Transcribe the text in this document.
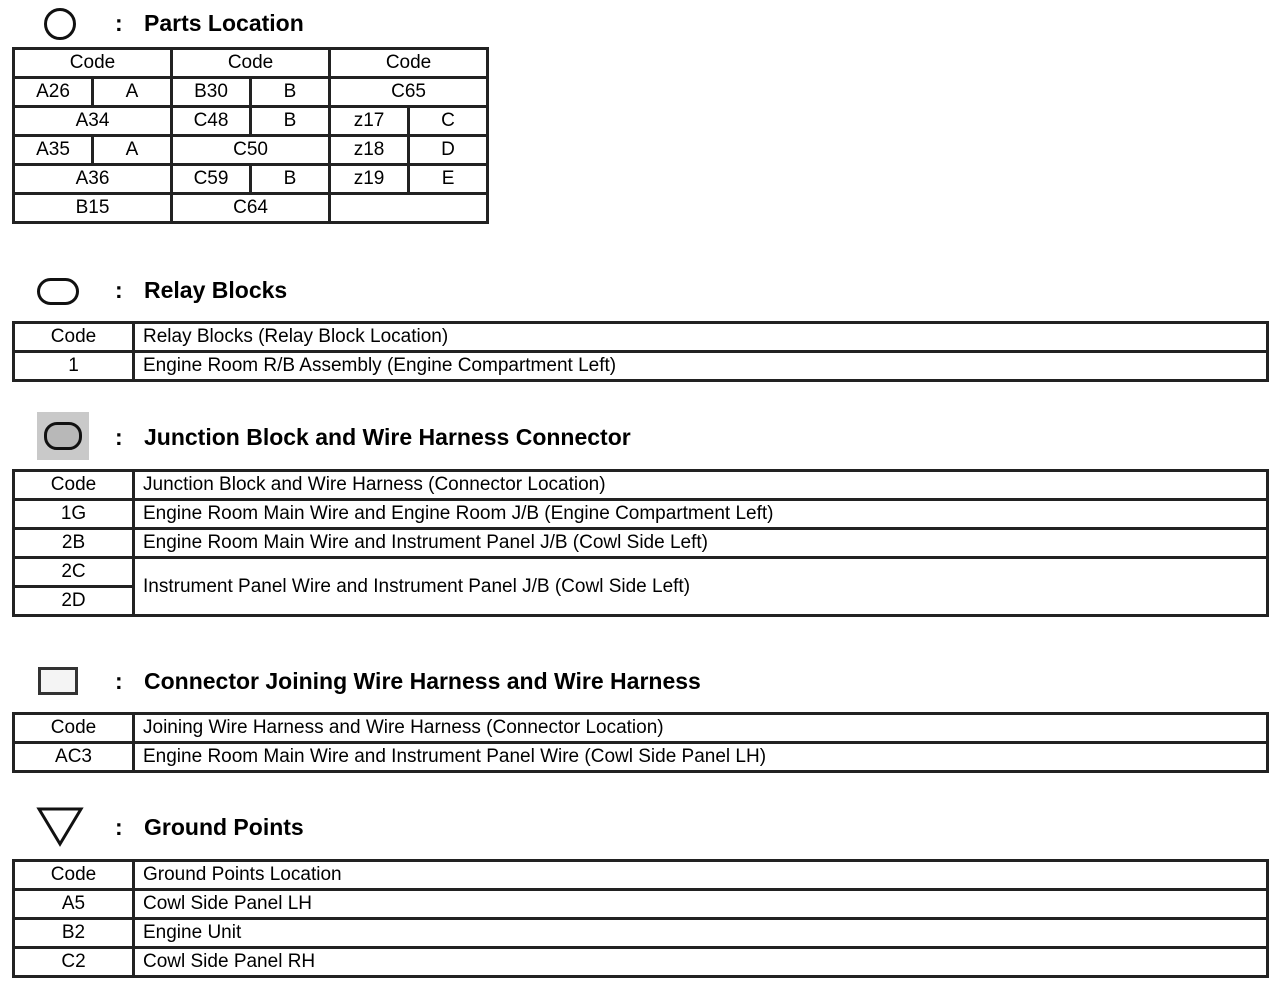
: Parts Location
Code		Code		Code	
A26	A	B30	B	C65	
A34		C48	B	z17	C
A35	A	C50		z18	D
A36		C59	B	z19	E
B15		C64			
: Relay Blocks
Code	Relay Blocks (Relay Block Location)
1	Engine Room R/B Assembly (Engine Compartment Left)
: Junction Block and Wire Harness Connector
Code	Junction Block and Wire Harness (Connector Location)
1G	Engine Room Main Wire and Engine Room J/B (Engine Compartment Left)
2B	Engine Room Main Wire and Instrument Panel J/B (Cowl Side Left)
2C	Instrument Panel Wire and Instrument Panel J/B (Cowl Side Left)
2D	
: Connector Joining Wire Harness and Wire Harness
Code	Joining Wire Harness and Wire Harness (Connector Location)
AC3	Engine Room Main Wire and Instrument Panel Wire (Cowl Side Panel LH)
: Ground Points
Code	Ground Points Location
A5	Cowl Side Panel LH
B2	Engine Unit
C2	Cowl Side Panel RH
